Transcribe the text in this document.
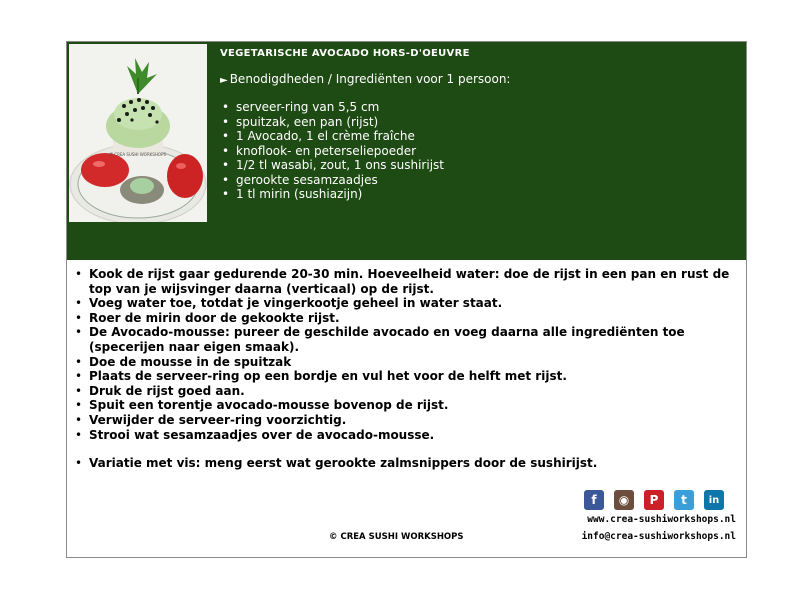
© CREA SUSHI WORKSHOPS

VEGETARISCHE AVOCADO HORS-D'OEUVRE

► Benodigdheden / Ingrediënten voor 1 persoon:

• serveer-ring van 5,5 cm
• spuitzak, een pan (rijst)
• 1 Avocado, 1 el crème fraîche
• knoflook- en peterseliepoeder
• 1/2 tl wasabi, zout, 1 ons sushirijst
• gerookte sesamzaadjes
• 1 tl mirin (sushiazijn)
• Kook de rijst gaar gedurende 20-30 min. Hoeveelheid water: doe de rijst in een pan en rust de top van je wijsvinger daarna (verticaal) op de rijst.
• Voeg water toe, totdat je vingerkootje geheel in water staat.
• Roer de mirin door de gekookte rijst.
• De Avocado-mousse: pureer de geschilde avocado en voeg daarna alle ingrediënten toe (specerijen naar eigen smaak).
• Doe de mousse in de spuitzak
• Plaats de serveer-ring op een bordje en vul het voor de helft met rijst.
• Druk de rijst goed aan.
• Spuit een torentje avocado-mousse bovenop de rijst.
• Verwijder de serveer-ring voorzichtig.
• Strooi wat sesamzaadjes over de avocado-mousse.
• Variatie met vis: meng eerst wat gerookte zalmsnippers door de sushirijst.
f	◉	P	t	in
www.crea-sushiworkshops.nl
info@crea-sushiworkshops.nl
© CREA SUSHI WORKSHOPS
